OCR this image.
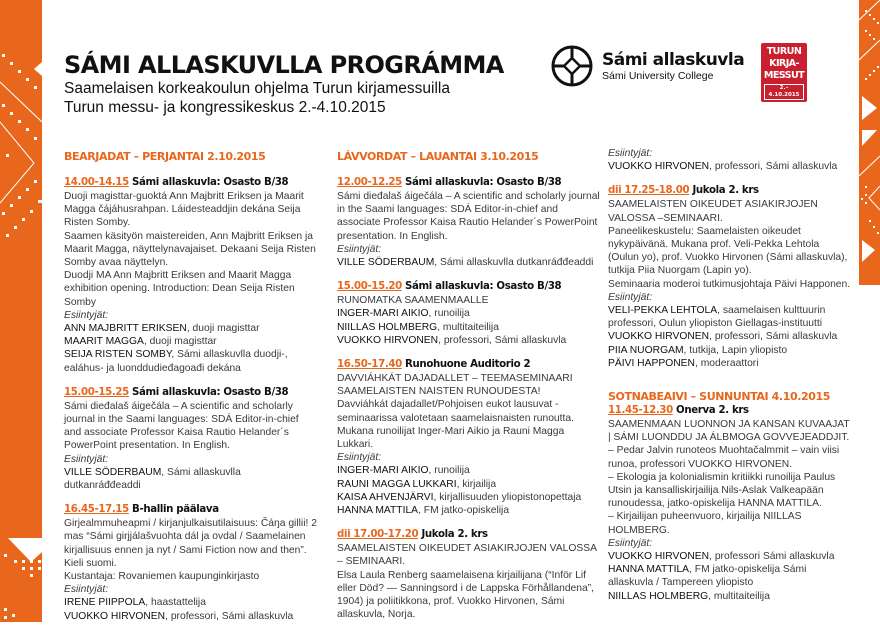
SÁMI ALLASKUVLLA PROGRÁMMA
Saamelaisen korkeakoulun ohjelma Turun kirjamessuilla
Turun messu- ja kongressikeskus 2.-4.10.2015
Sámi allaskuvla
Sámi University College
TURUN
KIRJA-
MESSUT
2.–4.10.2015
BEARJADAT – PERJANTAI 2.10.2015
14.00-14.15 Sámi allaskuvla: Osasto B/38
Duoji magisttar-guoktá Ann Majbritt Eriksen ja Maarit Magga čájáhusrahpan. Láidesteaddjin dekána Seija Risten Somby.
Saamen käsityön maistereiden, Ann Majbritt Eriksen ja Maarit Magga, näyttelynavajaiset. Dekaani Seija Risten Somby avaa näyttelyn.
Duodji MA Ann Majbritt Eriksen and Maarit Magga exhibition opening. Introduction: Dean Seija Risten Somby
Esiintyjät:
ANN MAJBRITT ERIKSEN, duoji magisttar
MAARIT MAGGA, duoji magisttar
SEIJA RISTEN SOMBY, Sámi allaskuvlla duodji-, ealáhus- ja luonddudieđagoađi dekána
15.00-15.25 Sámi allaskuvla: Osasto B/38
Sámi dieđalaš áigečála – A scientific and scholarly journal in the Saami languages: SDÁ Editor-in-chief and associate Professor Kaisa Rautio Helander´s PowerPoint presentation. In English.
Esiintyjät:
VILLE SÖDERBAUM, Sámi allaskuvlla dutkanráđđeaddi
16.45-17.15 B-hallin päälava
Girjealmmuheapmi / kirjanjulkaisutilaisuus: Čáŋa gillii! 2 mas “Sámi girjjálašvuohta dál ja ovdal / Saamelainen kirjallisuus ennen ja nyt / Sami Fiction now and then”. Kieli suomi.
Kustantaja: Rovaniemen kaupunginkirjasto
Esiintyjät:
IRENE PIIPPOLA, haastattelija
VUOKKO HIRVONEN, professori, Sámi allaskuvla
LÁVVORDAT – LAUANTAI 3.10.2015
12.00-12.25 Sámi allaskuvla: Osasto B/38
Sámi dieđalaš áigečála – A scientific and scholarly journal in the Saami languages: SDÁ Editor-in-chief and associate Professor Kaisa Rautio Helander´s PowerPoint presentation. In English.
Esiintyjät:
VILLE SÖDERBAUM, Sámi allaskuvlla dutkanráđđeaddi
15.00-15.20 Sámi allaskuvla: Osasto B/38
RUNOMATKA SAAMENMAALLE
INGER-MARI AIKIO, runoilija
NIILLAS HOLMBERG, multitaiteilija
VUOKKO HIRVONEN, professori, Sámi allaskuvla
16.50-17.40 Runohuone Auditorio 2
DAVVIÁHKÁT DAJADALLET – TEEMASEMINAARI SAAMELAISTEN NAISTEN RUNOUDESTA!
Davviáhkát dajadallet/Pohjoisen eukot lausuvat -seminaarissa valotetaan saamelaisnaisten runoutta. Mukana runoilijat Inger-Mari Aikio ja Rauni Magga Lukkari.
Esiintyjät:
INGER-MARI AIKIO, runoilija
RAUNI MAGGA LUKKARI, kirjailija
KAISA AHVENJÄRVI, kirjallisuuden yliopistonopettaja
HANNA MATTILA, FM jatko-opiskelija
dii 17.00-17.20 Jukola 2. krs
SAAMELAISTEN OIKEUDET ASIAKIRJOJEN VALOSSA – SEMINAARI.
Elsa Laula Renberg saamelaisena kirjailijana (“Inför Lif eller Död? — Sanningsord i de Lappska Förhållandena”, 1904) ja poliitikkona, prof. Vuokko Hirvonen, Sámi allaskuvla, Norja.
Esiintyjät:
VUOKKO HIRVONEN, professori, Sámi allaskuvla
dii 17.25-18.00 Jukola 2. krs
SAAMELAISTEN OIKEUDET ASIAKIRJOJEN VALOSSA –SEMINAARI.
Paneelikeskustelu: Saamelaisten oikeudet nykypäivänä. Mukana prof. Veli-Pekka Lehtola (Oulun yo), prof. Vuokko Hirvonen (Sámi allaskuvla), tutkija Piia Nuorgam (Lapin yo).
Seminaaria moderoi tutkimusjohtaja Päivi Happonen.
Esiintyjät:
VELI-PEKKA LEHTOLA, saamelaisen kulttuurin professori, Oulun yliopiston Giellagas-instituutti
VUOKKO HIRVONEN, professori, Sámi allaskuvla
PIIA NUORGAM, tutkija, Lapin yliopisto
PÄIVI HAPPONEN, moderaattori
SOTNABEAIVI – SUNNUNTAI 4.10.2015
11.45-12.30 Onerva 2. krs
SAAMENMAAN LUONNON JA KANSAN KUVAAJAT | SÁMI LUONDDU JA ÁLBMOGA GOVVEJEADDJIT.
– Pedar Jalvin runoteos Muohtačalmmit – vain viisi runoa, professori VUOKKO HIRVONEN.
– Ekologia ja kolonialismin kritiikki runoilija Paulus Utsin ja kansalliskirjailija Nils-Aslak Valkeapään runoudessa, jatko-opiskelija HANNA MATTILA.
– Kirjailijan puheenvuoro, kirjailija NIILLAS HOLMBERG.
Esiintyjät:
VUOKKO HIRVONEN, professori Sámi allaskuvla
HANNA MATTILA, FM jatko-opiskelija Sámi allaskuvla / Tampereen yliopisto
NIILLAS HOLMBERG, multitaiteilija
